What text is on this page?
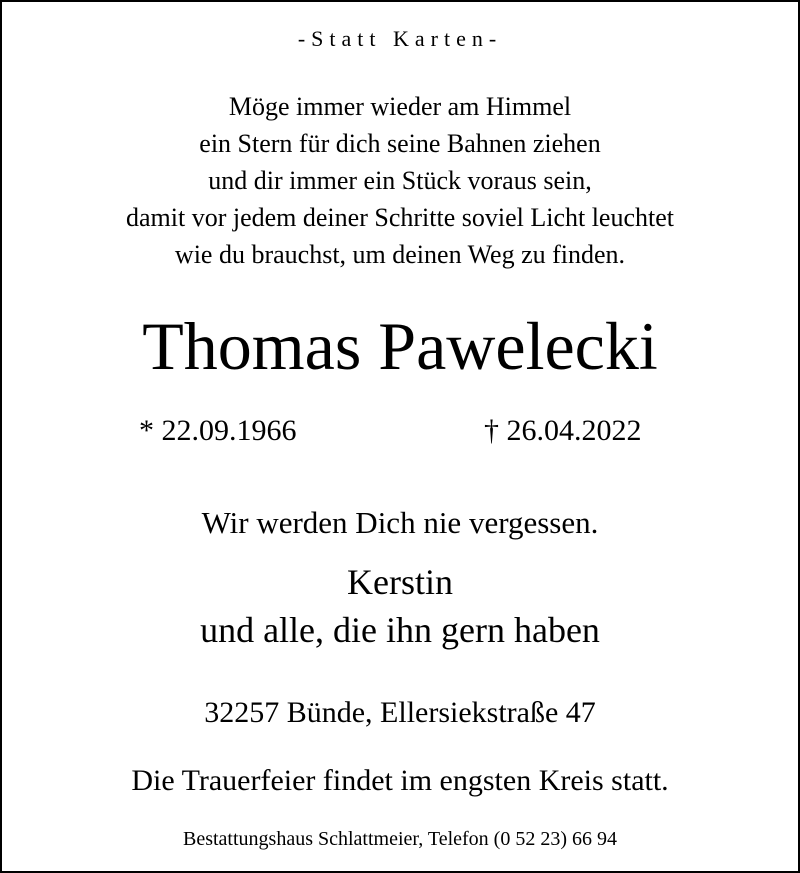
-Statt Karten-
Möge immer wieder am Himmel
ein Stern für dich seine Bahnen ziehen
und dir immer ein Stück voraus sein,
damit vor jedem deiner Schritte soviel Licht leuchtet
wie du brauchst, um deinen Weg zu finden.
Thomas Pawelecki
* 22.09.1966	† 26.04.2022
Wir werden Dich nie vergessen.
Kerstin
und alle, die ihn gern haben
32257 Bünde, Ellersiekstraße 47
Die Trauerfeier findet im engsten Kreis statt.
Bestattungshaus Schlattmeier, Telefon (0 52 23) 66 94
